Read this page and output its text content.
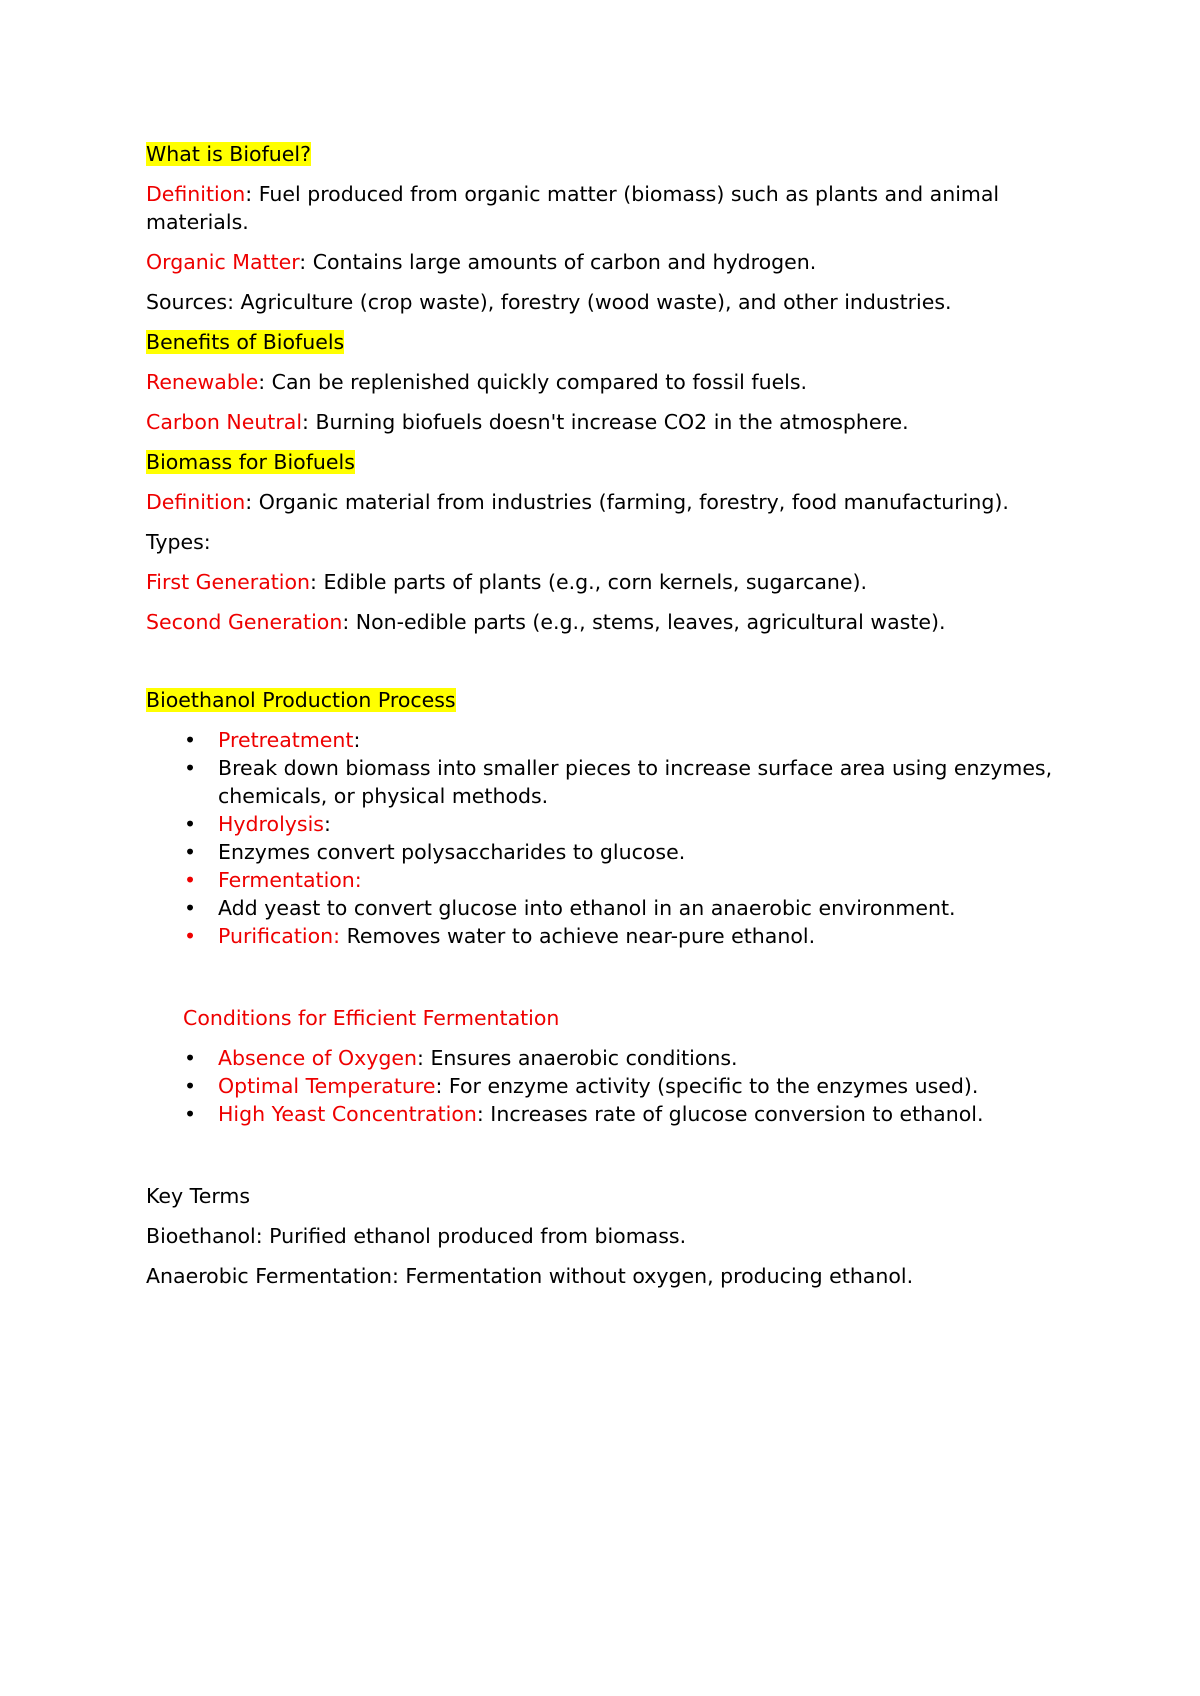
What is Biofuel?

Definition: Fuel produced from organic matter (biomass) such as plants and animal materials.

Organic Matter: Contains large amounts of carbon and hydrogen.

Sources: Agriculture (crop waste), forestry (wood waste), and other industries.

Benefits of Biofuels

Renewable: Can be replenished quickly compared to fossil fuels.

Carbon Neutral: Burning biofuels doesn't increase CO2 in the atmosphere.

Biomass for Biofuels

Definition: Organic material from industries (farming, forestry, food manufacturing).

Types:

First Generation: Edible parts of plants (e.g., corn kernels, sugarcane).

Second Generation: Non-edible parts (e.g., stems, leaves, agricultural waste).

Bioethanol Production Process

•
Pretreatment:
•
Break down biomass into smaller pieces to increase surface area using enzymes, chemicals, or physical methods.
•
Hydrolysis:
•
Enzymes convert polysaccharides to glucose.
•
Fermentation:
•
Add yeast to convert glucose into ethanol in an anaerobic environment.
•
Purification: Removes water to achieve near-pure ethanol.

Conditions for Efficient Fermentation

•
Absence of Oxygen: Ensures anaerobic conditions.
•
Optimal Temperature: For enzyme activity (specific to the enzymes used).
•
High Yeast Concentration: Increases rate of glucose conversion to ethanol.

Key Terms

Bioethanol: Purified ethanol produced from biomass.

Anaerobic Fermentation: Fermentation without oxygen, producing ethanol.
